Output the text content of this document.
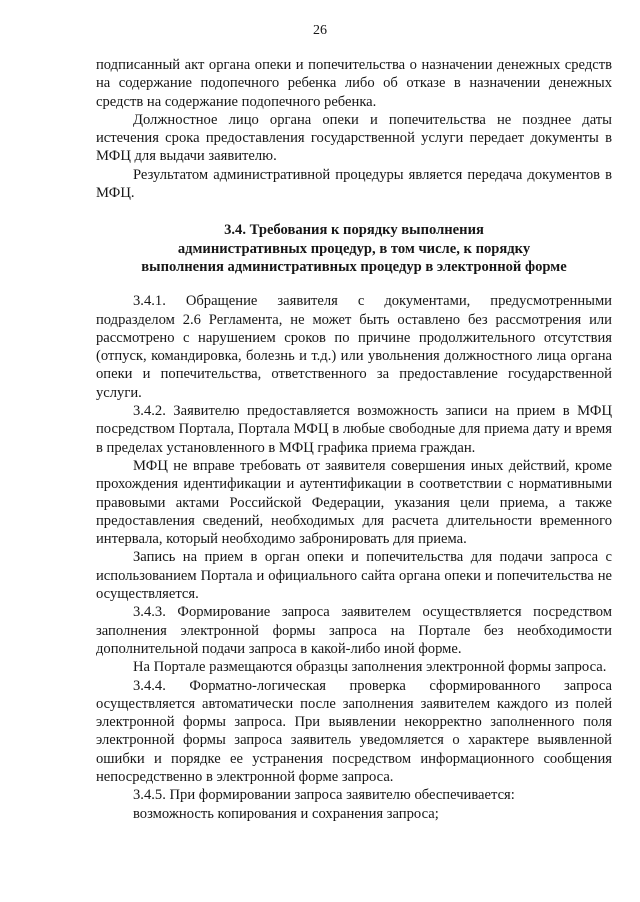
26

подписанный акт органа опеки и попечительства о назначении денежных средств на содержание подопечного ребенка либо об отказе в назначении денежных средств на содержание подопечного ребенка.

Должностное лицо органа опеки и попечительства не позднее даты истечения срока предоставления государственной услуги передает документы в МФЦ для выдачи заявителю.

Результатом административной процедуры является передача документов в МФЦ.

3.4. Требования к порядку выполнения
административных процедур, в том числе, к порядку
выполнения административных процедур в электронной форме

3.4.1. Обращение заявителя с документами, предусмотренными подразделом 2.6 Регламента, не может быть оставлено без рассмотрения или рассмотрено с нарушением сроков по причине продолжительного отсутствия (отпуск, командировка, болезнь и т.д.) или увольнения должностного лица органа опеки и попечительства, ответственного за предоставление государственной услуги.

3.4.2. Заявителю предоставляется возможность записи на прием в МФЦ посредством Портала, Портала МФЦ в любые свободные для приема дату и время в пределах установленного в МФЦ графика приема граждан.

МФЦ не вправе требовать от заявителя совершения иных действий, кроме прохождения идентификации и аутентификации в соответствии с нормативными правовыми актами Российской Федерации, указания цели приема, а также предоставления сведений, необходимых для расчета длительности временного интервала, который необходимо забронировать для приема.

Запись на прием в орган опеки и попечительства для подачи запроса с использованием Портала и официального сайта органа опеки и попечительства не осуществляется.

3.4.3. Формирование запроса заявителем осуществляется посредством заполнения электронной формы запроса на Портале без необходимости дополнительной подачи запроса в какой-либо иной форме.

На Портале размещаются образцы заполнения электронной формы запроса.

3.4.4. Форматно-логическая проверка сформированного запроса осуществляется автоматически после заполнения заявителем каждого из полей электронной формы запроса. При выявлении некорректно заполненного поля электронной формы запроса заявитель уведомляется о характере выявленной ошибки и порядке ее устранения посредством информационного сообщения непосредственно в электронной форме запроса.

3.4.5. При формировании запроса заявителю обеспечивается:

возможность копирования и сохранения запроса;
